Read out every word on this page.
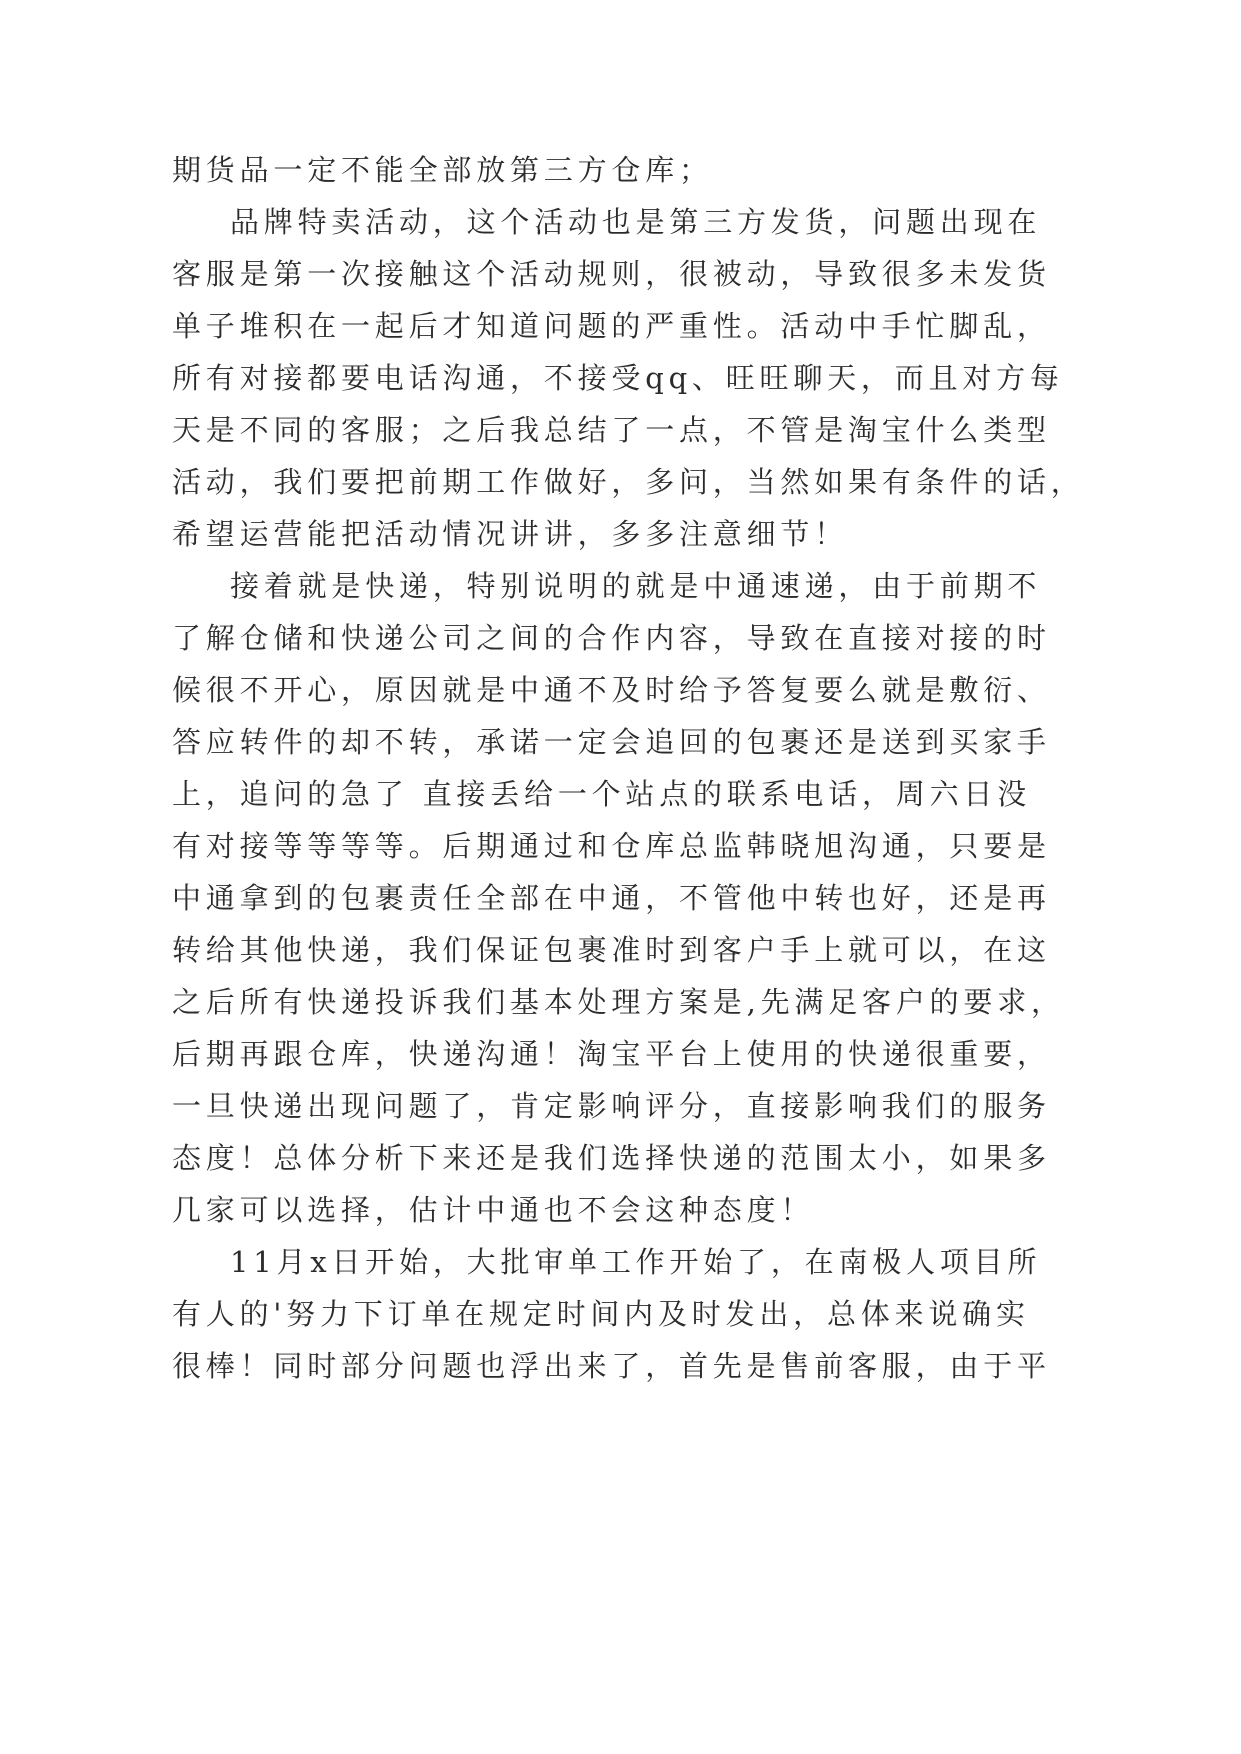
期货品一定不能全部放第三方仓库；
品牌特卖活动，这个活动也是第三方发货，问题出现在
客服是第一次接触这个活动规则，很被动，导致很多未发货
单子堆积在一起后才知道问题的严重性。活动中手忙脚乱，
所有对接都要电话沟通，不接受qq、旺旺聊天，而且对方每
天是不同的客服；之后我总结了一点，不管是淘宝什么类型
活动，我们要把前期工作做好，多问，当然如果有条件的话，
希望运营能把活动情况讲讲，多多注意细节！
接着就是快递，特别说明的就是中通速递，由于前期不
了解仓储和快递公司之间的合作内容，导致在直接对接的时
候很不开心，原因就是中通不及时给予答复要么就是敷衍、
答应转件的却不转，承诺一定会追回的包裹还是送到买家手
上，追问的急了 直接丢给一个站点的联系电话，周六日没
有对接等等等等。后期通过和仓库总监韩晓旭沟通，只要是
中通拿到的包裹责任全部在中通，不管他中转也好，还是再
转给其他快递，我们保证包裹准时到客户手上就可以，在这
之后所有快递投诉我们基本处理方案是,先满足客户的要求，
后期再跟仓库，快递沟通！淘宝平台上使用的快递很重要，
一旦快递出现问题了，肯定影响评分，直接影响我们的服务
态度！总体分析下来还是我们选择快递的范围太小，如果多
几家可以选择，估计中通也不会这种态度！
11月x日开始，大批审单工作开始了，在南极人项目所
有人的'努力下订单在规定时间内及时发出，总体来说确实
很棒！同时部分问题也浮出来了，首先是售前客服，由于平
